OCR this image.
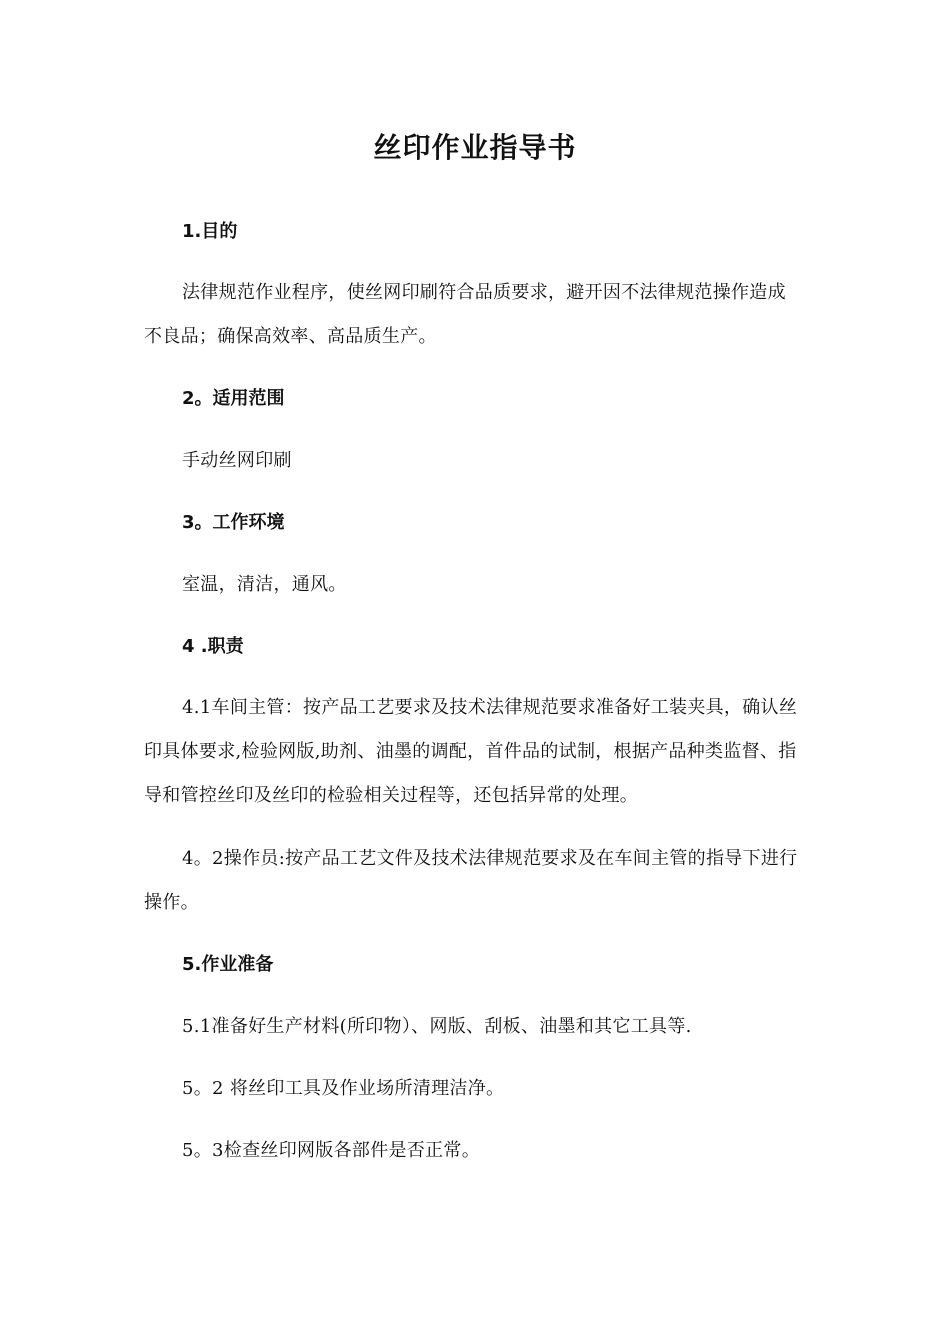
丝印作业指导书
1.目的
法律规范作业程序，使丝网印刷符合品质要求，避开因不法律规范操作造成不良品；确保高效率、高品质生产。
2。适用范围
手动丝网印刷
3。工作环境
室温，清洁，通风。
4 .职责
4.1车间主管：按产品工艺要求及技术法律规范要求准备好工装夹具，确认丝印具体要求,检验网版,助剂、油墨的调配，首件品的试制，根据产品种类监督、指导和管控丝印及丝印的检验相关过程等，还包括异常的处理。
4。2操作员:按产品工艺文件及技术法律规范要求及在车间主管的指导下进行操作。
5.作业准备
5.1准备好生产材料(所印物）、网版、刮板、油墨和其它工具等.
5。2 将丝印工具及作业场所清理洁净。
5。3检查丝印网版各部件是否正常。
